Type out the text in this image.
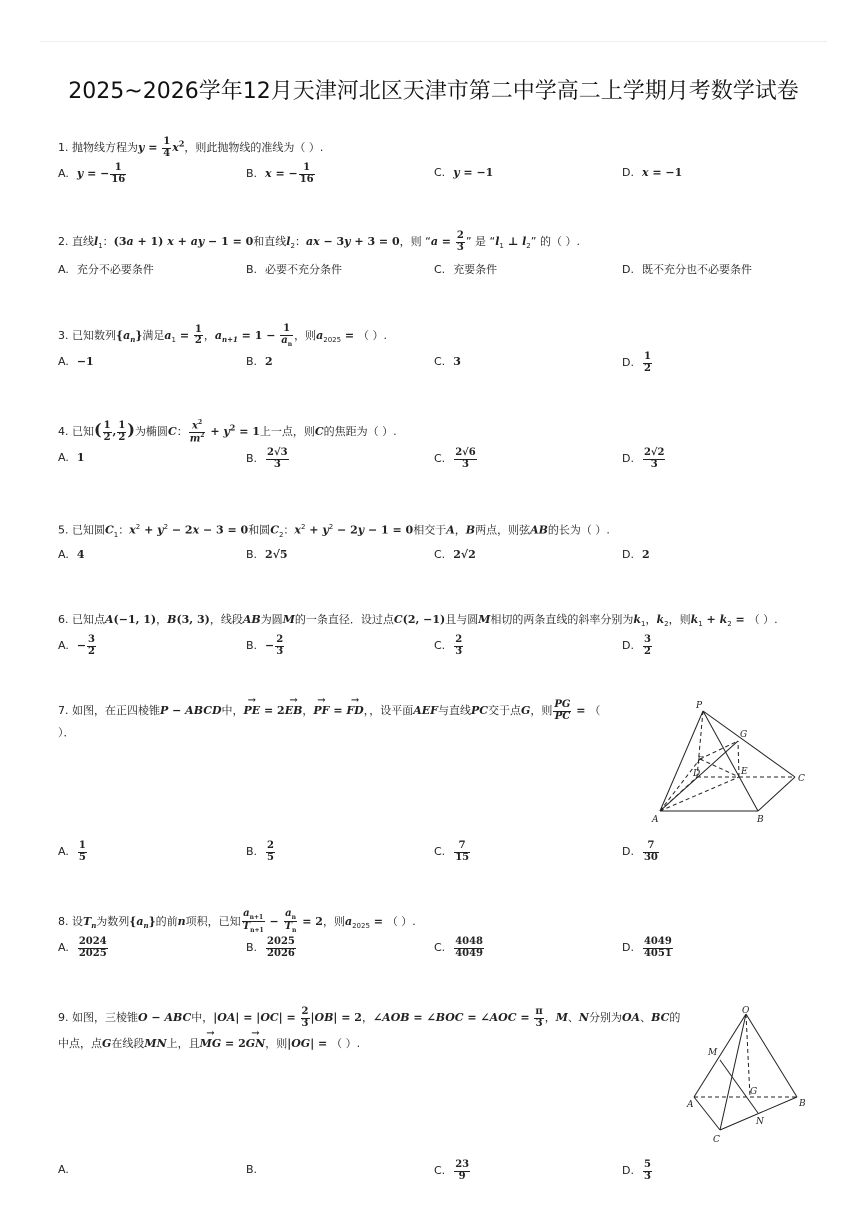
2025~2026学年12月天津河北区天津市第二中学高二上学期月考数学试卷
1. 抛物线方程为$y = \frac{1}{4} x^2$，则此抛物线的准线为（ ）.
A. y = − $\frac{1}{16}$	B. x = − $\frac{1}{16}$	C. y = −1	D. x = −1
2. 直线$l_1$：(3a + 1) x + ay − 1 = 0和直线$l_2$：ax − 3y + 3 = 0，则 “$a = \frac{2}{3}$ ” 是 “$l_1$ ⊥ $l_2$” 的（ ）.
A. 充分不必要条件	B. 必要不充分条件	C. 充要条件	D. 既不充分也不必要条件
3. 已知数列$\{a_n\}$满足$a_1 = \frac{1}{2}$ ，$a_{n+1} = 1 - \frac{1}{a_n}$ ，则$a_{2025}$ = （ ）.
A. −1	B. 2	C. 3	D. $\frac{1}{2}$
4. 已知( $\frac{1}{2}$ , $\frac{1}{2}$ )为椭圆C： $\frac{x^2}{m^2} + y^2 = 1$上一点，则C的焦距为（ ）.
A. 1	B. $\frac{2√3}{3}$	C. $\frac{2√6}{3}$	D. $\frac{2√2}{3}$
5. 已知圆$C_1$：$x^2 + y^2 - 2x - 3 = 0$和圆$C_2$：$x^2 + y^2 - 2y - 1 = 0$相交于A，B两点，则弦AB的长为（ ）.
A. 4	B. 2√5	C. 2√2	D. 2
6. 已知点A(−1, 1)，B(3, 3)，线段AB为圆M的一条直径．设过点C(2, −1)且与圆M相切的两条直线的斜率分别为$k_1$，$k_2$，则$k_1 + k_2$ = （ ）.
A. − $\frac{3}{2}$	B. − $\frac{2}{3}$	C. $\frac{2}{3}$	D. $\frac{3}{2}$
7. 如图，在正四棱锥P − ABCD中，→ PE = 2→ EB，→ PF = → FD，，设平面AEF与直线PC交于点G，则 $\frac{PG}{PC}$ = （
）．
P
G
F
D	E
C
A	B
A. $\frac{1}{5}$	B. $\frac{2}{5}$	C. $\frac{7}{15}$	D. $\frac{7}{30}$
8. 设$T_n$为数列$\{a_n\}$的前n项积，已知 $\frac{a_{n+1}}{T_{n+1}} - \frac{a_n}{T_n} = 2$，则$a_{2025}$ = （ ）.
A. $\frac{2024}{2025}$	B. $\frac{2025}{2026}$	C. $\frac{4048}{4049}$	D. $\frac{4049}{4051}$
9. 如图，三棱锥O − ABC中，$|OA| = |OC| = \frac{2}{3} |OB| = 2$，∠AOB = ∠BOC = ∠AOC = $\frac{\pi}{3}$ ，M、N分别为OA、BC的
中点，点G在线段MN上，且→ MG = 2→ GN，则|OG| = （ ）.
O
M
G
A	B
N
C
A.	B.	C. $\frac{23}{9}$	D. $\frac{5}{3}$
